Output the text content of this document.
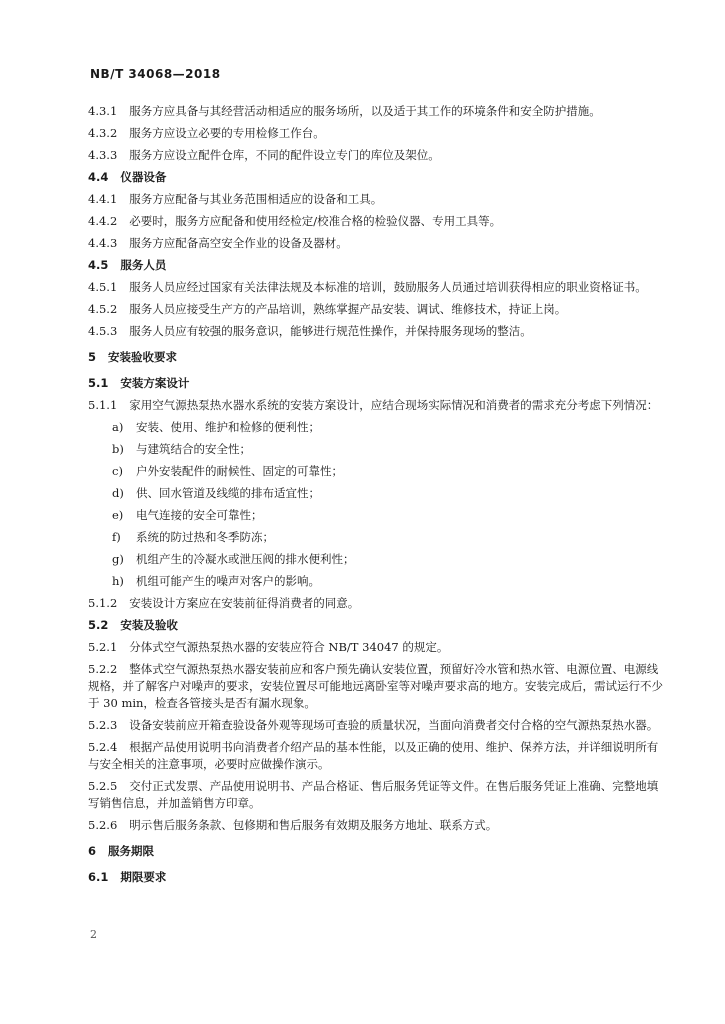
NB/T 34068—2018
4.3.1 服务方应具备与其经营活动相适应的服务场所，以及适于其工作的环境条件和安全防护措施。
4.3.2 服务方应设立必要的专用检修工作台。
4.3.3 服务方应设立配件仓库，不同的配件设立专门的库位及架位。
4.4 仪器设备
4.4.1 服务方应配备与其业务范围相适应的设备和工具。
4.4.2 必要时，服务方应配备和使用经检定/校准合格的检验仪器、专用工具等。
4.4.3 服务方应配备高空安全作业的设备及器材。
4.5 服务人员
4.5.1 服务人员应经过国家有关法律法规及本标准的培训，鼓励服务人员通过培训获得相应的职业资格证书。
4.5.2 服务人员应接受生产方的产品培训，熟练掌握产品安装、调试、维修技术，持证上岗。
4.5.3 服务人员应有较强的服务意识，能够进行规范性操作，并保持服务现场的整洁。
5 安装验收要求
5.1 安装方案设计
5.1.1 家用空气源热泵热水器水系统的安装方案设计，应结合现场实际情况和消费者的需求充分考虑下列情况：
a) 安装、使用、维护和检修的便利性；
b) 与建筑结合的安全性；
c) 户外安装配件的耐候性、固定的可靠性；
d) 供、回水管道及线缆的排布适宜性；
e) 电气连接的安全可靠性；
f) 系统的防过热和冬季防冻；
g) 机组产生的冷凝水或泄压阀的排水便利性；
h) 机组可能产生的噪声对客户的影响。
5.1.2 安装设计方案应在安装前征得消费者的同意。
5.2 安装及验收
5.2.1 分体式空气源热泵热水器的安装应符合 NB/T 34047 的规定。
5.2.2 整体式空气源热泵热水器安装前应和客户预先确认安装位置，预留好冷水管和热水管、电源位置、电源线规格，并了解客户对噪声的要求，安装位置尽可能地远离卧室等对噪声要求高的地方。安装完成后，需试运行不少于 30 min，检查各管接头是否有漏水现象。
5.2.3 设备安装前应开箱查验设备外观等现场可查验的质量状况，当面向消费者交付合格的空气源热泵热水器。
5.2.4 根据产品使用说明书向消费者介绍产品的基本性能，以及正确的使用、维护、保养方法，并详细说明所有与安全相关的注意事项，必要时应做操作演示。
5.2.5 交付正式发票、产品使用说明书、产品合格证、售后服务凭证等文件。在售后服务凭证上准确、完整地填写销售信息，并加盖销售方印章。
5.2.6 明示售后服务条款、包修期和售后服务有效期及服务方地址、联系方式。
6 服务期限
6.1 期限要求
2
